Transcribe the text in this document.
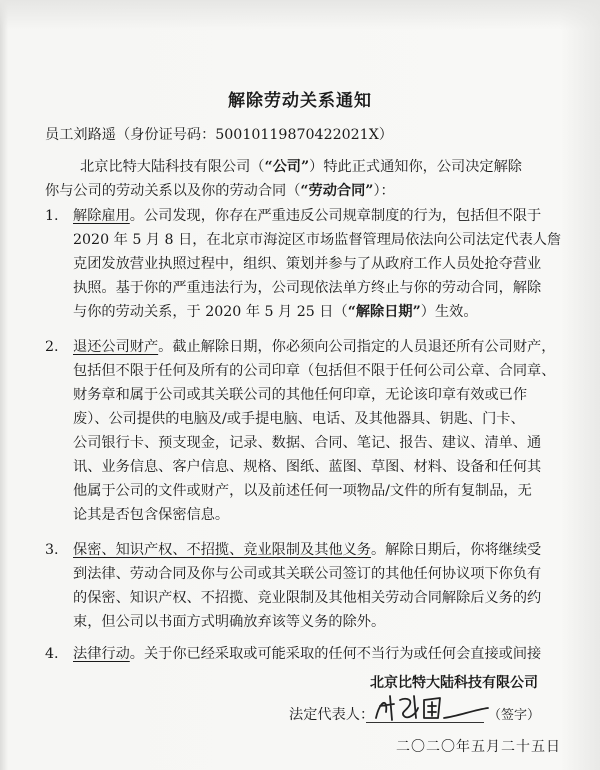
解除劳动关系通知
员工刘路遥（身份证号码：50010119870422021X）
北京比特大陆科技有限公司（“公司”）特此正式通知你，公司决定解除
你与公司的劳动关系以及你的劳动合同（“劳动合同”）：
1. 解除雇用。公司发现，你存在严重违反公司规章制度的行为，包括但不限于
2020 年 5 月 8 日，在北京市海淀区市场监督管理局依法向公司法定代表人詹
克团发放营业执照过程中，组织、策划并参与了从政府工作人员处抢夺营业
执照。基于你的严重违法行为，公司现依法单方终止与你的劳动合同，解除
与你的劳动关系，于 2020 年 5 月 25 日（“解除日期”）生效。
2. 退还公司财产。截止解除日期，你必须向公司指定的人员退还所有公司财产，
包括但不限于任何及所有的公司印章（包括但不限于任何公司公章、合同章、
财务章和属于公司或其关联公司的其他任何印章，无论该印章有效或已作
废）、公司提供的电脑及/或手提电脑、电话、及其他器具、钥匙、门卡、
公司银行卡、预支现金，记录、数据、合同、笔记、报告、建议、清单、通
讯、业务信息、客户信息、规格、图纸、蓝图、草图、材料、设备和任何其
他属于公司的文件或财产，以及前述任何一项物品/文件的所有复制品，无
论其是否包含保密信息。
3. 保密、知识产权、不招揽、竞业限制及其他义务。解除日期后，你将继续受
到法律、劳动合同及你与公司或其关联公司签订的其他任何协议项下你负有
的保密、知识产权、不招揽、竞业限制及其他相关劳动合同解除后义务的约
束，但公司以书面方式明确放弃该等义务的除外。
4. 法律行动。关于你已经采取或可能采取的任何不当行为或任何会直接或间接
北京比特大陆科技有限公司
法定代表人：	（签字）
二〇二〇年五月二十五日
